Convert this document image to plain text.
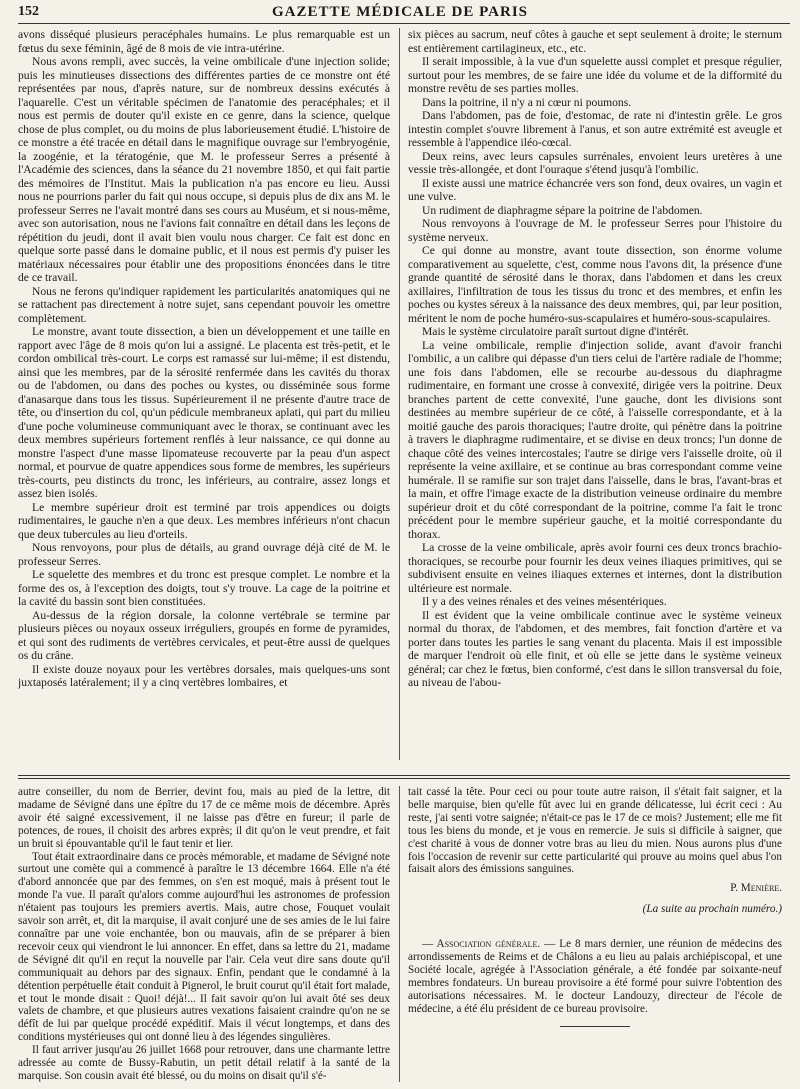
152	GAZETTE MÉDICALE DE PARIS

avons disséqué plusieurs peracéphales humains. Le plus remarquable est un fœtus du sexe féminin, âgé de 8 mois de vie intra-utérine.

Nous avons rempli, avec succès, la veine ombilicale d'une injection solide; puis les minutieuses dissections des différentes parties de ce monstre ont été représentées par nous, d'après nature, sur de nombreux dessins exécutés à l'aquarelle. C'est un véritable spécimen de l'anatomie des peracéphales; et il nous est permis de douter qu'il existe en ce genre, dans la science, quelque chose de plus complet, ou du moins de plus laborieusement étudié. L'histoire de ce monstre a été tracée en détail dans le magnifique ouvrage sur l'embryogénie, la zoogénie, et la tératogénie, que M. le professeur Serres a présenté à l'Académie des sciences, dans la séance du 21 novembre 1850, et qui fait partie des mémoires de l'Institut. Mais la publication n'a pas encore eu lieu. Aussi nous ne pourrions parler du fait qui nous occupe, si depuis plus de dix ans M. le professeur Serres ne l'avait montré dans ses cours au Muséum, et si nous-même, avec son autorisation, nous ne l'avions fait connaître en détail dans les leçons de répétition du jeudi, dont il avait bien voulu nous charger. Ce fait est donc en quelque sorte passé dans le domaine public, et il nous est permis d'y puiser les matériaux nécessaires pour établir une des propositions énoncées dans le titre de ce travail.

Nous ne ferons qu'indiquer rapidement les particularités anatomiques qui ne se rattachent pas directement à notre sujet, sans cependant pouvoir les omettre complètement.

Le monstre, avant toute dissection, a bien un développement et une taille en rapport avec l'âge de 8 mois qu'on lui a assigné. Le placenta est très-petit, et le cordon ombilical très-court. Le corps est ramassé sur lui-même; il est distendu, ainsi que les membres, par de la sérosité renfermée dans les cavités du thorax ou de l'abdomen, ou dans des poches ou kystes, ou disséminée sous forme d'anasarque dans tous les tissus. Supérieurement il ne présente d'autre trace de tête, ou d'insertion du col, qu'un pédicule membraneux aplati, qui part du milieu d'une poche volumineuse communiquant avec le thorax, se continuant avec les deux membres supérieurs fortement renflés à leur naissance, ce qui donne au monstre l'aspect d'une masse lipomateuse recouverte par la peau d'un aspect normal, et pourvue de quatre appendices sous forme de membres, les supérieurs très-courts, peu distincts du tronc, les inférieurs, au contraire, assez longs et assez bien isolés.

Le membre supérieur droit est terminé par trois appendices ou doigts rudimentaires, le gauche n'en a que deux. Les membres inférieurs n'ont chacun que deux tubercules au lieu d'orteils.

Nous renvoyons, pour plus de détails, au grand ouvrage déjà cité de M. le professeur Serres.

Le squelette des membres et du tronc est presque complet. Le nombre et la forme des os, à l'exception des doigts, tout s'y trouve. La cage de la poitrine et la cavité du bassin sont bien constituées.

Au-dessus de la région dorsale, la colonne vertébrale se termine par plusieurs pièces ou noyaux osseux irréguliers, groupés en forme de pyramides, et qui sont des rudiments de vertèbres cervicales, et peut-être aussi de quelques os du crâne.

Il existe douze noyaux pour les vertèbres dorsales, mais quelques-uns sont juxtaposés latéralement; il y a cinq vertèbres lombaires, et

six pièces au sacrum, neuf côtes à gauche et sept seulement à droite; le sternum est entièrement cartilagineux, etc., etc.

Il serait impossible, à la vue d'un squelette aussi complet et presque régulier, surtout pour les membres, de se faire une idée du volume et de la difformité du monstre revêtu de ses parties molles.

Dans la poitrine, il n'y a ni cœur ni poumons.

Dans l'abdomen, pas de foie, d'estomac, de rate ni d'intestin grêle. Le gros intestin complet s'ouvre librement à l'anus, et son autre extrémité est aveugle et ressemble à l'appendice iléo-cœcal.

Deux reins, avec leurs capsules surrénales, envoient leurs uretères à une vessie très-allongée, et dont l'ouraque s'étend jusqu'à l'ombilic.

Il existe aussi une matrice échancrée vers son fond, deux ovaires, un vagin et une vulve.

Un rudiment de diaphragme sépare la poitrine de l'abdomen.

Nous renvoyons à l'ouvrage de M. le professeur Serres pour l'histoire du système nerveux.

Ce qui donne au monstre, avant toute dissection, son énorme volume comparativement au squelette, c'est, comme nous l'avons dit, la présence d'une grande quantité de sérosité dans le thorax, dans l'abdomen et dans les creux axillaires, l'infiltration de tous les tissus du tronc et des membres, et enfin les poches ou kystes séreux à la naissance des deux membres, qui, par leur position, méritent le nom de poche huméro-sus-scapulaires et huméro-sous-scapulaires.

Mais le système circulatoire paraît surtout digne d'intérêt.

La veine ombilicale, remplie d'injection solide, avant d'avoir franchi l'ombilic, a un calibre qui dépasse d'un tiers celui de l'artère radiale de l'homme; une fois dans l'abdomen, elle se recourbe au-dessous du diaphragme rudimentaire, en formant une crosse à convexité, dirigée vers la poitrine. Deux branches partent de cette convexité, l'une gauche, dont les divisions sont destinées au membre supérieur de ce côté, à l'aisselle correspondante, et à la moitié gauche des parois thoraciques; l'autre droite, qui pénètre dans la poitrine à travers le diaphragme rudimentaire, et se divise en deux troncs; l'un donne de chaque côté des veines intercostales; l'autre se dirige vers l'aisselle droite, où il représente la veine axillaire, et se continue au bras correspondant comme veine humérale. Il se ramifie sur son trajet dans l'aisselle, dans le bras, l'avant-bras et la main, et offre l'image exacte de la distribution veineuse ordinaire du membre supérieur droit et du côté correspondant de la poitrine, comme l'a fait le tronc précédent pour le membre supérieur gauche, et la moitié correspondante du thorax.

La crosse de la veine ombilicale, après avoir fourni ces deux troncs brachio-thoraciques, se recourbe pour fournir les deux veines iliaques primitives, qui se subdivisent ensuite en veines iliaques externes et internes, dont la distribution ultérieure est normale.

Il y a des veines rénales et des veines mésentériques.

Il est évident que la veine ombilicale continue avec le système veineux normal du thorax, de l'abdomen, et des membres, fait fonction d'artère et va porter dans toutes les parties le sang venant du placenta. Mais il est impossible de marquer l'endroit où elle finit, et où elle se jette dans le système veineux général; car chez le fœtus, bien conformé, c'est dans le sillon transversal du foie, au niveau de l'abou-

autre conseiller, du nom de Berrier, devint fou, mais au pied de la lettre, dit madame de Sévigné dans une épître du 17 de ce même mois de décembre. Après avoir été saigné excessivement, il ne laisse pas d'être en fureur; il parle de potences, de roues, il choisit des arbres exprès; il dit qu'on le veut prendre, et fait un bruit si épouvantable qu'il le faut tenir et lier.

Tout était extraordinaire dans ce procès mémorable, et madame de Sévigné note surtout une comète qui a commencé à paraître le 13 décembre 1664. Elle n'a été d'abord annoncée que par des femmes, on s'en est moqué, mais à présent tout le monde l'a vue. Il paraît qu'alors comme aujourd'hui les astronomes de profession n'étaient pas toujours les premiers avertis. Mais, autre chose, Fouquet voulait savoir son arrêt, et, dit la marquise, il avait conjuré une de ses amies de le lui faire connaître par une voie enchantée, bon ou mauvais, afin de se préparer à bien recevoir ceux qui viendront le lui annoncer. En effet, dans sa lettre du 21, madame de Sévigné dit qu'il en reçut la nouvelle par l'air. Cela veut dire sans doute qu'il communiquait au dehors par des signaux. Enfin, pendant que le condamné à la détention perpétuelle était conduit à Pignerol, le bruit courut qu'il était fort malade, et tout le monde disait : Quoi! déjà!... Il fait savoir qu'on lui avait ôté ses deux valets de chambre, et que plusieurs autres vexations faisaient craindre qu'on ne se défît de lui par quelque procédé expéditif. Mais il vécut longtemps, et dans des conditions mystérieuses qui ont donné lieu à des légendes singulières.

Il faut arriver jusqu'au 26 juillet 1668 pour retrouver, dans une charmante lettre adressée au comte de Bussy-Rabutin, un petit détail relatif à la santé de la marquise. Son cousin avait été blessé, ou du moins on disait qu'il s'é-

tait cassé la tête. Pour ceci ou pour toute autre raison, il s'était fait saigner, et la belle marquise, bien qu'elle fût avec lui en grande délicatesse, lui écrit ceci : Au reste, j'ai senti votre saignée; n'était-ce pas le 17 de ce mois? Justement; elle me fit tous les biens du monde, et je vous en remercie. Je suis si difficile à saigner, que c'est charité à vous de donner votre bras au lieu du mien. Nous aurons plus d'une fois l'occasion de revenir sur cette particularité qui prouve au moins quel abus l'on faisait alors des émissions sanguines.

P. Menière.
(La suite au prochain numéro.)

— Association générale. — Le 8 mars dernier, une réunion de médecins des arrondissements de Reims et de Châlons a eu lieu au palais archiépiscopal, et une Société locale, agrégée à l'Association générale, a été fondée par soixante-neuf membres fondateurs. Un bureau provisoire a été formé pour suivre l'obtention des autorisations nécessaires. M. le docteur Landouzy, directeur de l'école de médecine, a été élu président de ce bureau provisoire.
